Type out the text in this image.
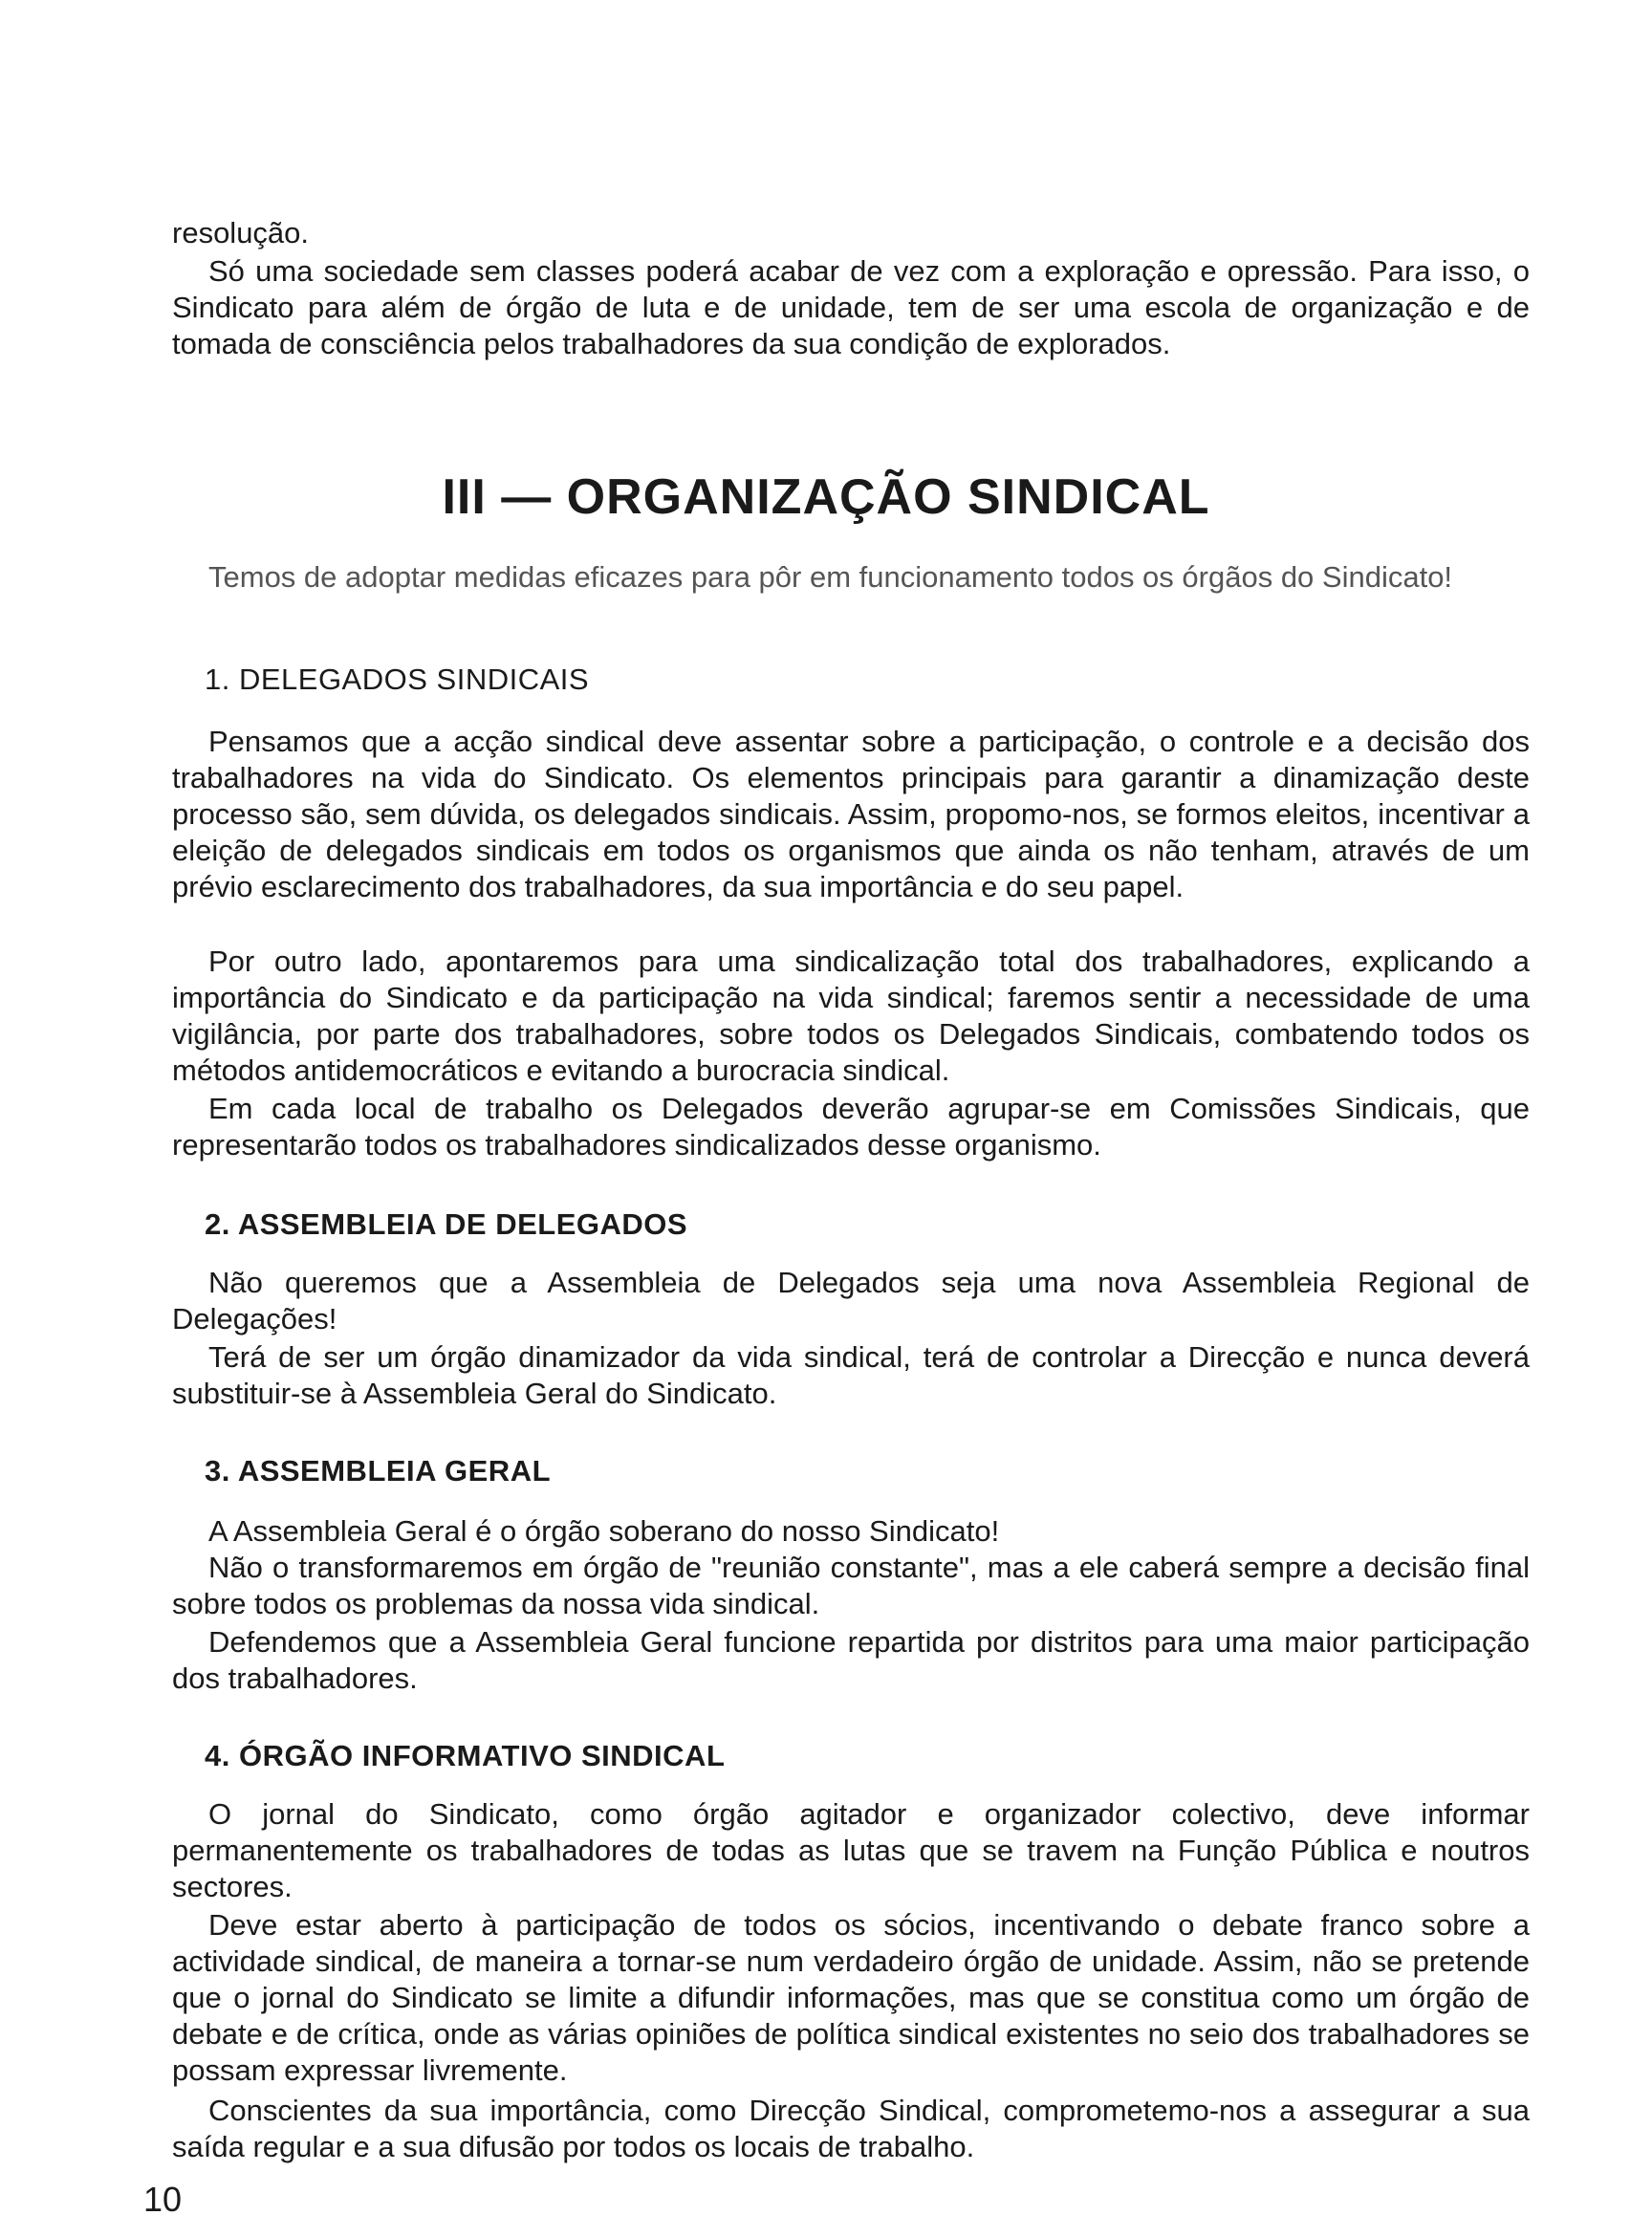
resolução.

Só uma sociedade sem classes poderá acabar de vez com a exploração e opressão. Para isso, o Sindicato para além de órgão de luta e de unidade, tem de ser uma escola de organização e de tomada de consciência pelos trabalhadores da sua condição de explorados.

III — ORGANIZAÇÃO SINDICAL

Temos de adoptar medidas eficazes para pôr em funcionamento todos os órgãos do Sindicato!

1. DELEGADOS SINDICAIS

Pensamos que a acção sindical deve assentar sobre a participação, o controle e a decisão dos trabalhadores na vida do Sindicato. Os elementos principais para garantir a dinamização deste processo são, sem dúvida, os delegados sindicais. Assim, propomo-nos, se formos eleitos, incentivar a eleição de delegados sindicais em todos os organismos que ainda os não tenham, através de um prévio esclarecimento dos trabalhadores, da sua importância e do seu papel.

Por outro lado, apontaremos para uma sindicalização total dos trabalhadores, explicando a importância do Sindicato e da participação na vida sindical; faremos sentir a necessidade de uma vigilância, por parte dos trabalhadores, sobre todos os Delegados Sindicais, combatendo todos os métodos antidemocráticos e evitando a burocracia sindical.

Em cada local de trabalho os Delegados deverão agrupar-se em Comissões Sindicais, que representarão todos os trabalhadores sindicalizados desse organismo.

2. ASSEMBLEIA DE DELEGADOS

Não queremos que a Assembleia de Delegados seja uma nova Assembleia Regional de Delegações!

Terá de ser um órgão dinamizador da vida sindical, terá de controlar a Direcção e nunca deverá substituir-se à Assembleia Geral do Sindicato.

3. ASSEMBLEIA GERAL

A Assembleia Geral é o órgão soberano do nosso Sindicato!

Não o transformaremos em órgão de "reunião constante", mas a ele caberá sempre a decisão final sobre todos os problemas da nossa vida sindical.

Defendemos que a Assembleia Geral funcione repartida por distritos para uma maior participação dos trabalhadores.

4. ÓRGÃO INFORMATIVO SINDICAL

O jornal do Sindicato, como órgão agitador e organizador colectivo, deve informar permanentemente os trabalhadores de todas as lutas que se travem na Função Pública e noutros sectores.

Deve estar aberto à participação de todos os sócios, incentivando o debate franco sobre a actividade sindical, de maneira a tornar-se num verdadeiro órgão de unidade. Assim, não se pretende que o jornal do Sindicato se limite a difundir informações, mas que se constitua como um órgão de debate e de crítica, onde as várias opiniões de política sindical existentes no seio dos trabalhadores se possam expressar livremente.

Conscientes da sua importância, como Direcção Sindical, comprometemo-nos a assegurar a sua saída regular e a sua difusão por todos os locais de trabalho.

10
